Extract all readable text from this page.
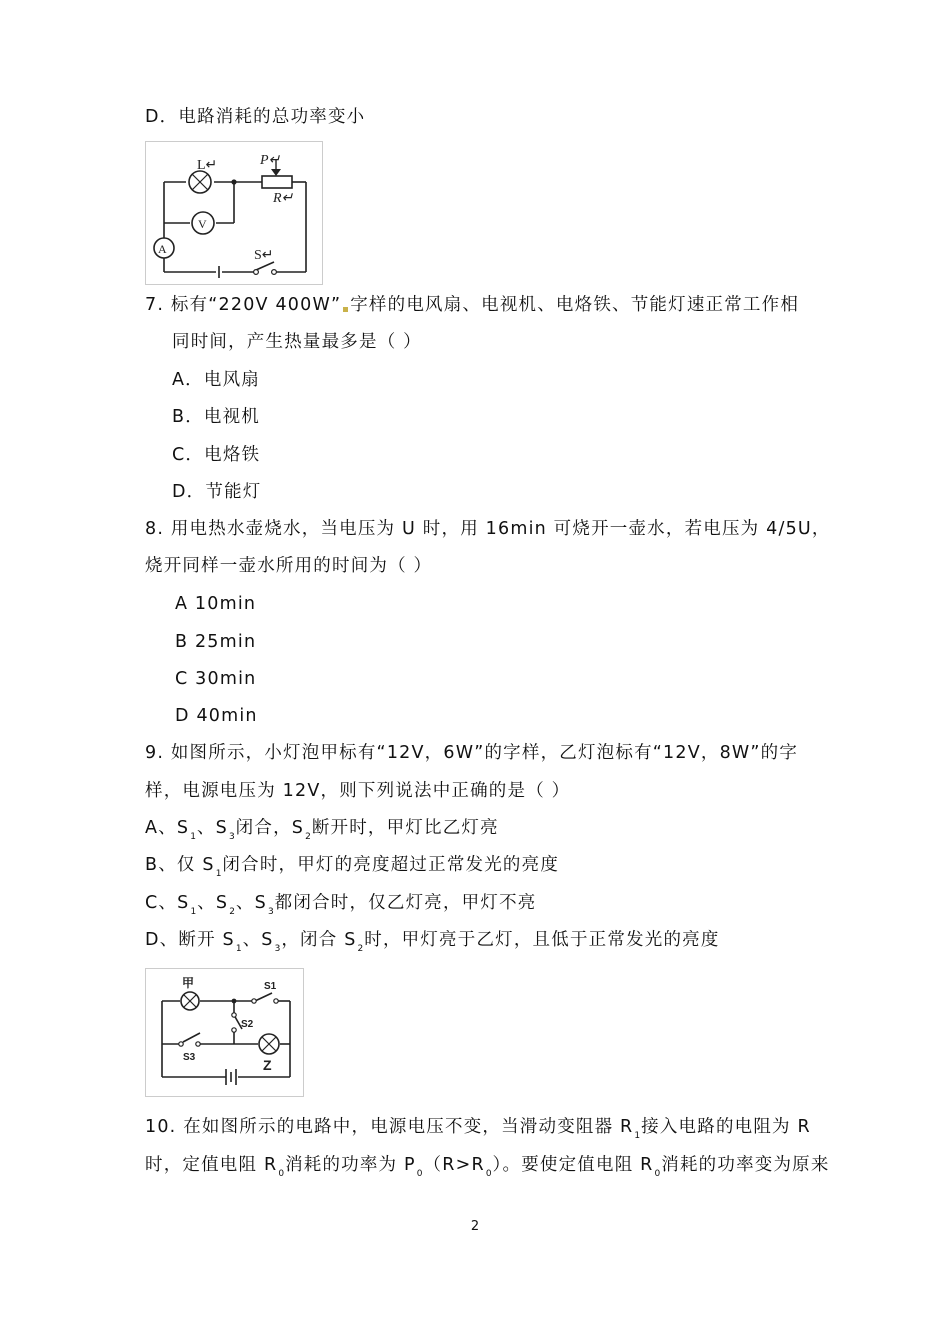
D．电路消耗的总功率变小
L↵
V
A
P↵
R↵
S↵
7. 标有“220V 400W” 字样的电风扇、电视机、电烙铁、节能灯速正常工作相
同时间，产生热量最多是（ ）
A．电风扇
B．电视机
C．电烙铁
D．节能灯
8. 用电热水壶烧水，当电压为 U 时，用 16min 可烧开一壶水，若电压为 4/5U，
烧开同样一壶水所用的时间为（ ）
A 10min
B 25min
C 30min
D 40min
9. 如图所示，小灯泡甲标有“12V，6W”的字样，乙灯泡标有“12V，8W”的字
样，电源电压为 12V，则下列说法中正确的是（ ）
A、$S_1$、$S_3$闭合，$S_2$断开时，甲灯比乙灯亮
B、仅 $S_1$闭合时，甲灯的亮度超过正常发光的亮度
C、$S_1$、$S_2$、$S_3$都闭合时，仅乙灯亮，甲灯不亮
D、断开 $S_1$、$S_3$，闭合 $S_2$时，甲灯亮于乙灯，且低于正常发光的亮度
甲
Z
S1
S2
S3
10. 在如图所示的电路中，电源电压不变，当滑动变阻器 $R_1$接入电路的电阻为 R
时，定值电阻 $R_0$消耗的功率为 $P_0(R>R_0)$。要使定值电阻 $R_0$消耗的功率变为原来
2
